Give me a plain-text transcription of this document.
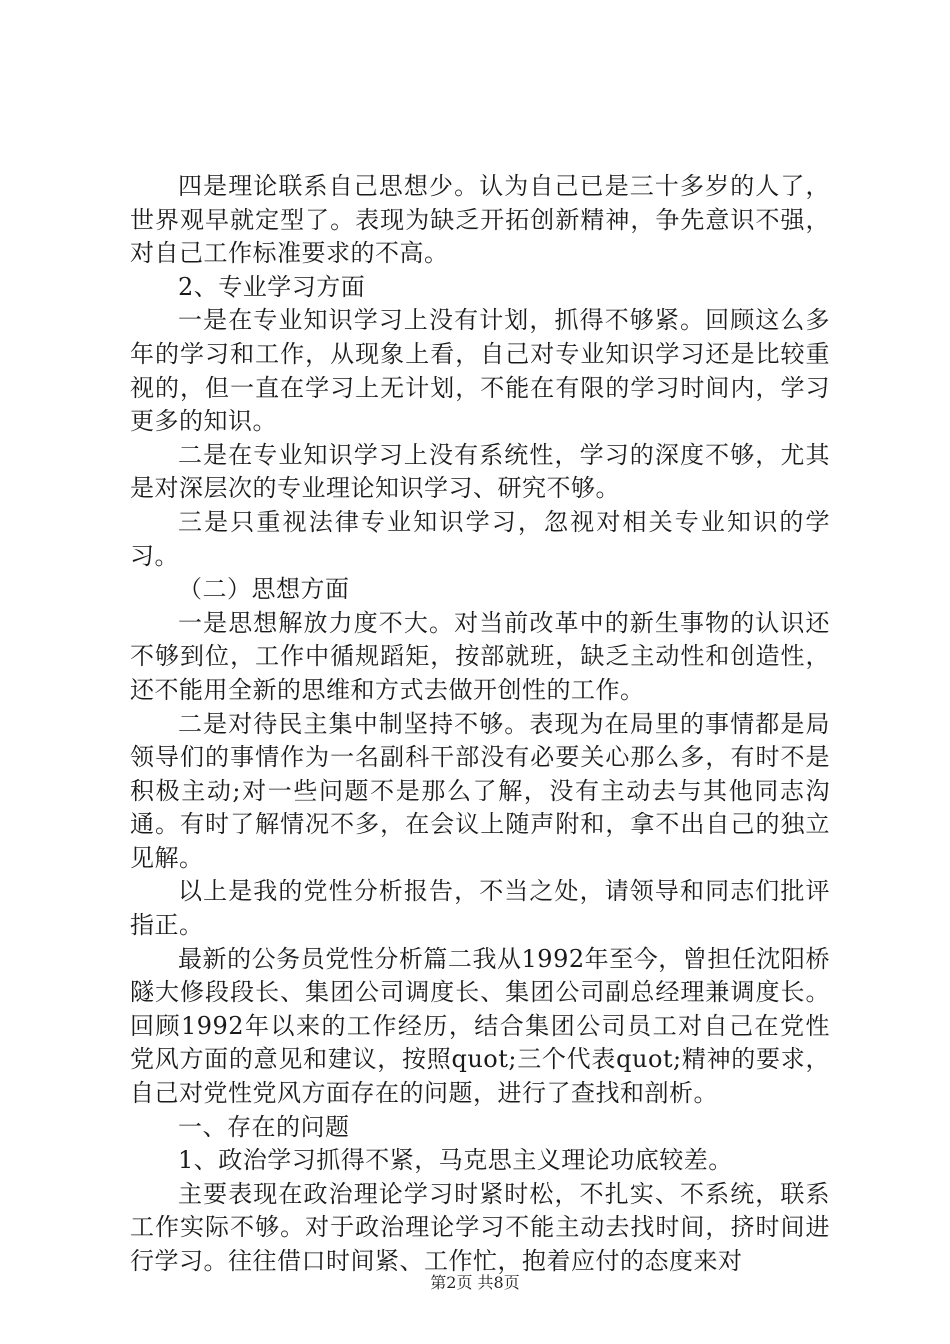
四是理论联系自己思想少。认为自己已是三十多岁的人了，世界观早就定型了。表现为缺乏开拓创新精神，争先意识不强，对自己工作标准要求的不高。

2、专业学习方面

一是在专业知识学习上没有计划，抓得不够紧。回顾这么多年的学习和工作，从现象上看，自己对专业知识学习还是比较重视的，但一直在学习上无计划，不能在有限的学习时间内，学习更多的知识。

二是在专业知识学习上没有系统性，学习的深度不够，尤其是对深层次的专业理论知识学习、研究不够。

三是只重视法律专业知识学习，忽视对相关专业知识的学习。

（二）思想方面

一是思想解放力度不大。对当前改革中的新生事物的认识还不够到位，工作中循规蹈矩，按部就班，缺乏主动性和创造性，还不能用全新的思维和方式去做开创性的工作。

二是对待民主集中制坚持不够。表现为在局里的事情都是局领导们的事情作为一名副科干部没有必要关心那么多，有时不是积极主动;对一些问题不是那么了解，没有主动去与其他同志沟通。有时了解情况不多，在会议上随声附和，拿不出自己的独立见解。

以上是我的党性分析报告，不当之处，请领导和同志们批评指正。

最新的公务员党性分析篇二我从1992年至今，曾担任沈阳桥隧大修段段长、集团公司调度长、集团公司副总经理兼调度长。回顾1992年以来的工作经历，结合集团公司员工对自己在党性党风方面的意见和建议，按照quot;三个代表quot;精神的要求，自己对党性党风方面存在的问题，进行了查找和剖析。

一、存在的问题

1、政治学习抓得不紧，马克思主义理论功底较差。

主要表现在政治理论学习时紧时松，不扎实、不系统，联系工作实际不够。对于政治理论学习不能主动去找时间，挤时间进行学习。往往借口时间紧、工作忙，抱着应付的态度来对

第2页 共8页
